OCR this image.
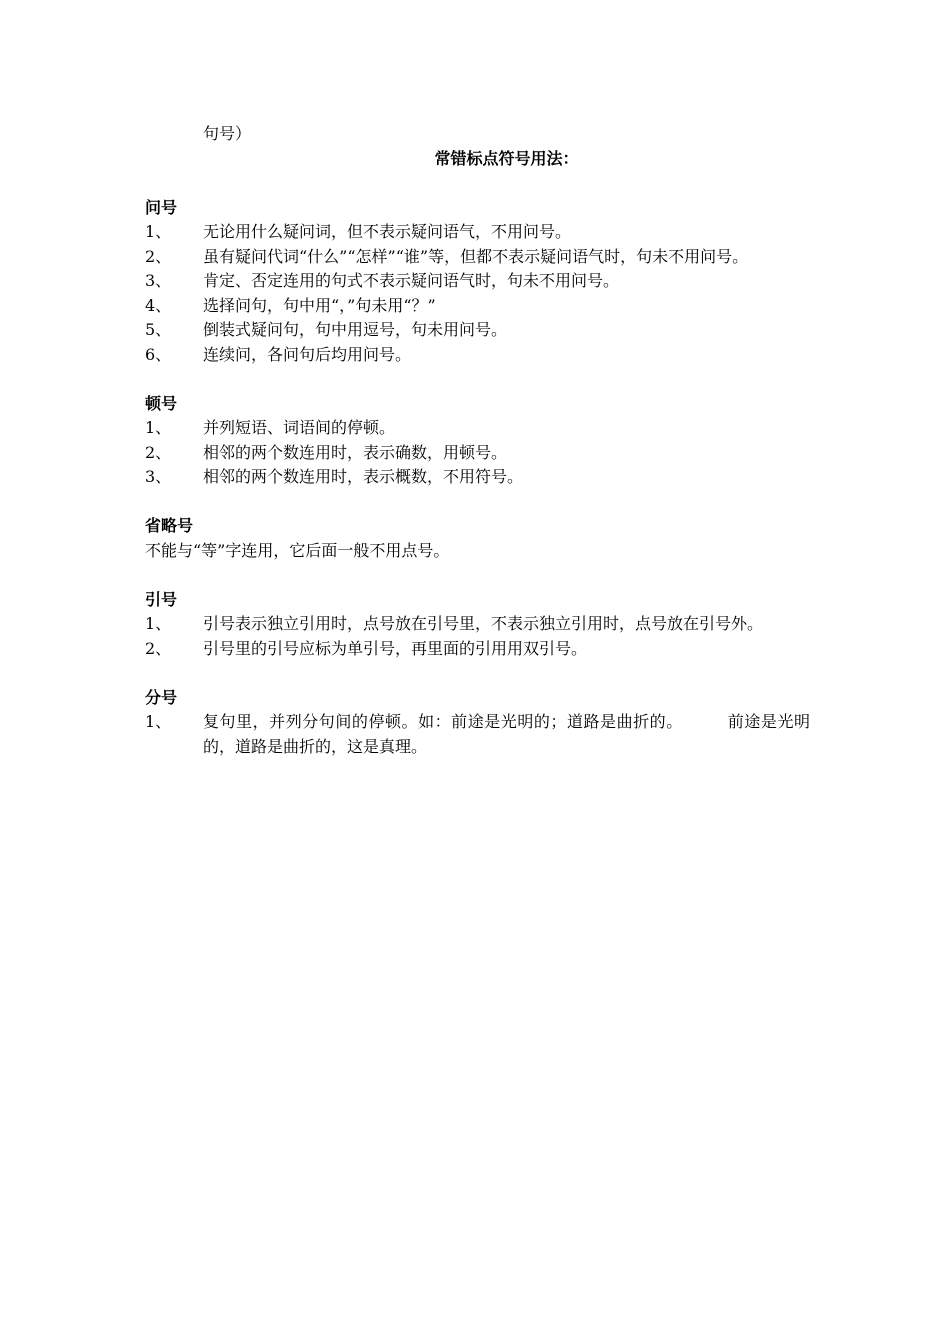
句号）
常错标点符号用法：
问号
1、	无论用什么疑问词，但不表示疑问语气，不用问号。
2、	虽有疑问代词“什么”“怎样”“谁”等，但都不表示疑问语气时，句未不用问号。
3、	肯定、否定连用的句式不表示疑问语气时，句未不用问号。
4、	选择问句，句中用“，”句未用“？”
5、	倒装式疑问句，句中用逗号，句未用问号。
6、	连续问，各问句后均用问号。
顿号
1、	并列短语、词语间的停顿。
2、	相邻的两个数连用时，表示确数，用顿号。
3、	相邻的两个数连用时，表示概数，不用符号。
省略号
不能与“等”字连用，它后面一般不用点号。
引号
1、	引号表示独立引用时，点号放在引号里，不表示独立引用时，点号放在引号外。
2、	引号里的引号应标为单引号，再里面的引用用双引号。
分号
1、	复句里，并列分句间的停顿。如：前途是光明的；道路是曲折的。        前途是光明的，道路是曲折的，这是真理。
